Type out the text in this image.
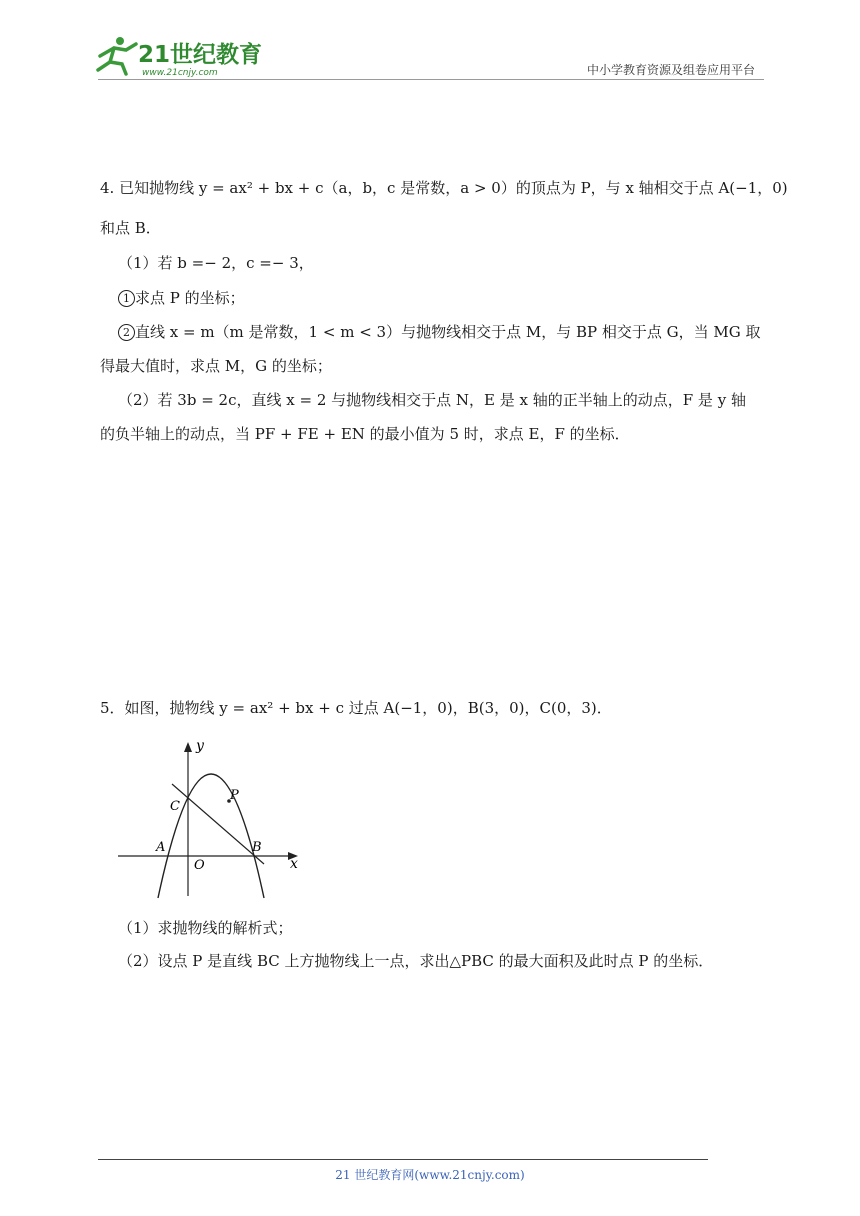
21世纪教育
www.21cnjy.com	中小学教育资源及组卷应用平台
4. 已知抛物线 y = ax² + bx + c（a，b，c 是常数，a > 0）的顶点为 P，与 x 轴相交于点 A(−1，0)
和点 B．
（1）若 b =− 2，c =− 3，
1 求点 P 的坐标；
2 直线 x = m（m 是常数，1 < m < 3）与抛物线相交于点 M，与 BP 相交于点 G，当 MG 取
得最大值时，求点 M，G 的坐标；
（2）若 3b = 2c，直线 x = 2 与抛物线相交于点 N，E 是 x 轴的正半轴上的动点，F 是 y 轴
的负半轴上的动点，当 PF + FE + EN 的最小值为 5 时，求点 E，F 的坐标．
5．如图，抛物线 y = ax² + bx + c 过点 A(−1，0)，B(3，0)，C(0，3)．
y
x
O
A	B
C
P
（1）求抛物线的解析式；
（2）设点 P 是直线 BC 上方抛物线上一点，求出△PBC 的最大面积及此时点 P 的坐标．
21 世纪教育网(www.21cnjy.com)
